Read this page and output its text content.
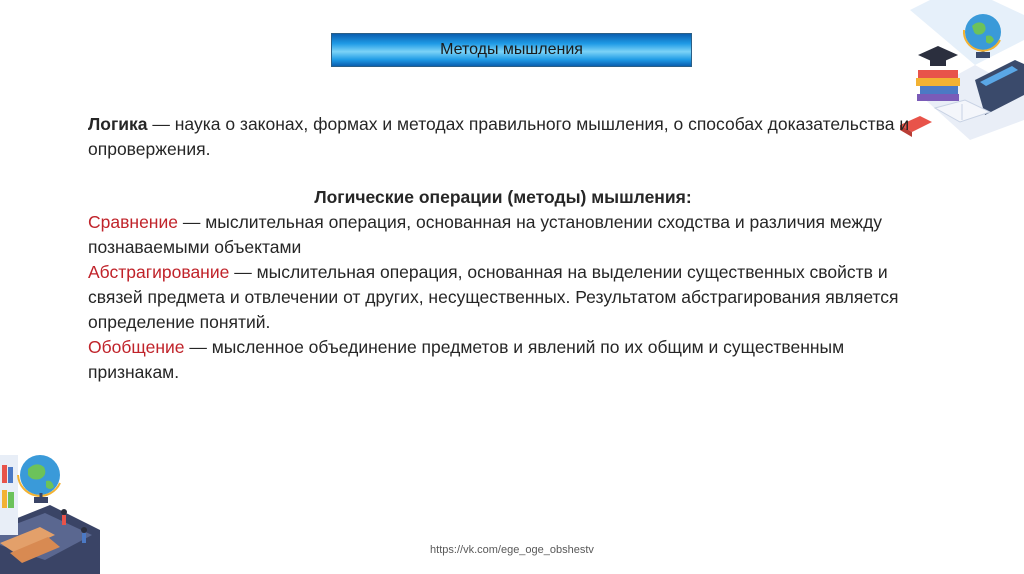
Методы мышления

Логика — наука о законах, формах и методах правильного мышления, о способах доказательства и опровержения.

Логические операции (методы) мышления:

Сравнение — мыслительная операция, основанная на установлении сходства и различия между познаваемыми объектами

Абстрагирование — мыслительная операция, основанная на выделении существенных свойств и связей предмета и отвлечении от других, несущественных. Результатом абстрагирования является определение понятий.

Обобщение — мысленное объединение предметов и явлений по их общим и существенным признакам.

https://vk.com/ege_oge_obshestv
